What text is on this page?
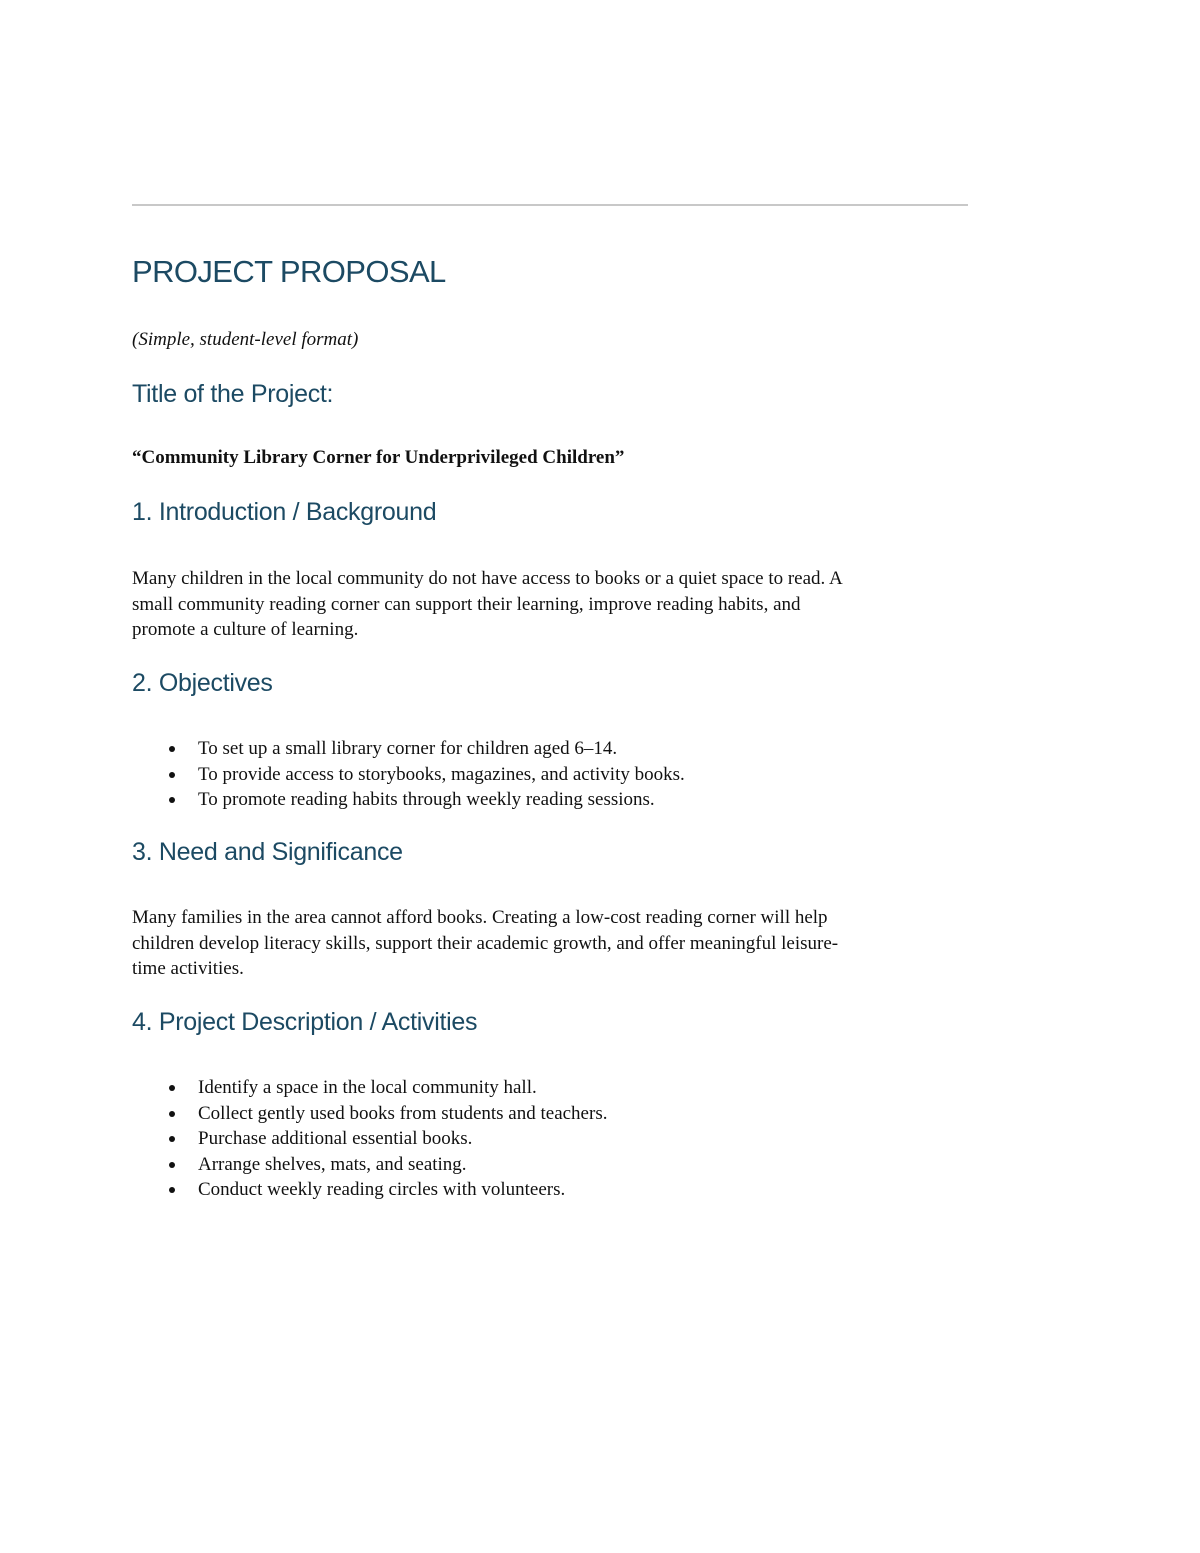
PROJECT PROPOSAL

(Simple, student-level format)

Title of the Project:

“Community Library Corner for Underprivileged Children”

1. Introduction / Background

Many children in the local community do not have access to books or a quiet space to read. A
small community reading corner can support their learning, improve reading habits, and
promote a culture of learning.

2. Objectives
To set up a small library corner for children aged 6–14.
To provide access to storybooks, magazines, and activity books.
To promote reading habits through weekly reading sessions.
3. Need and Significance

Many families in the area cannot afford books. Creating a low-cost reading corner will help
children develop literacy skills, support their academic growth, and offer meaningful leisure-
time activities.

4. Project Description / Activities
Identify a space in the local community hall.
Collect gently used books from students and teachers.
Purchase additional essential books.
Arrange shelves, mats, and seating.
Conduct weekly reading circles with volunteers.
